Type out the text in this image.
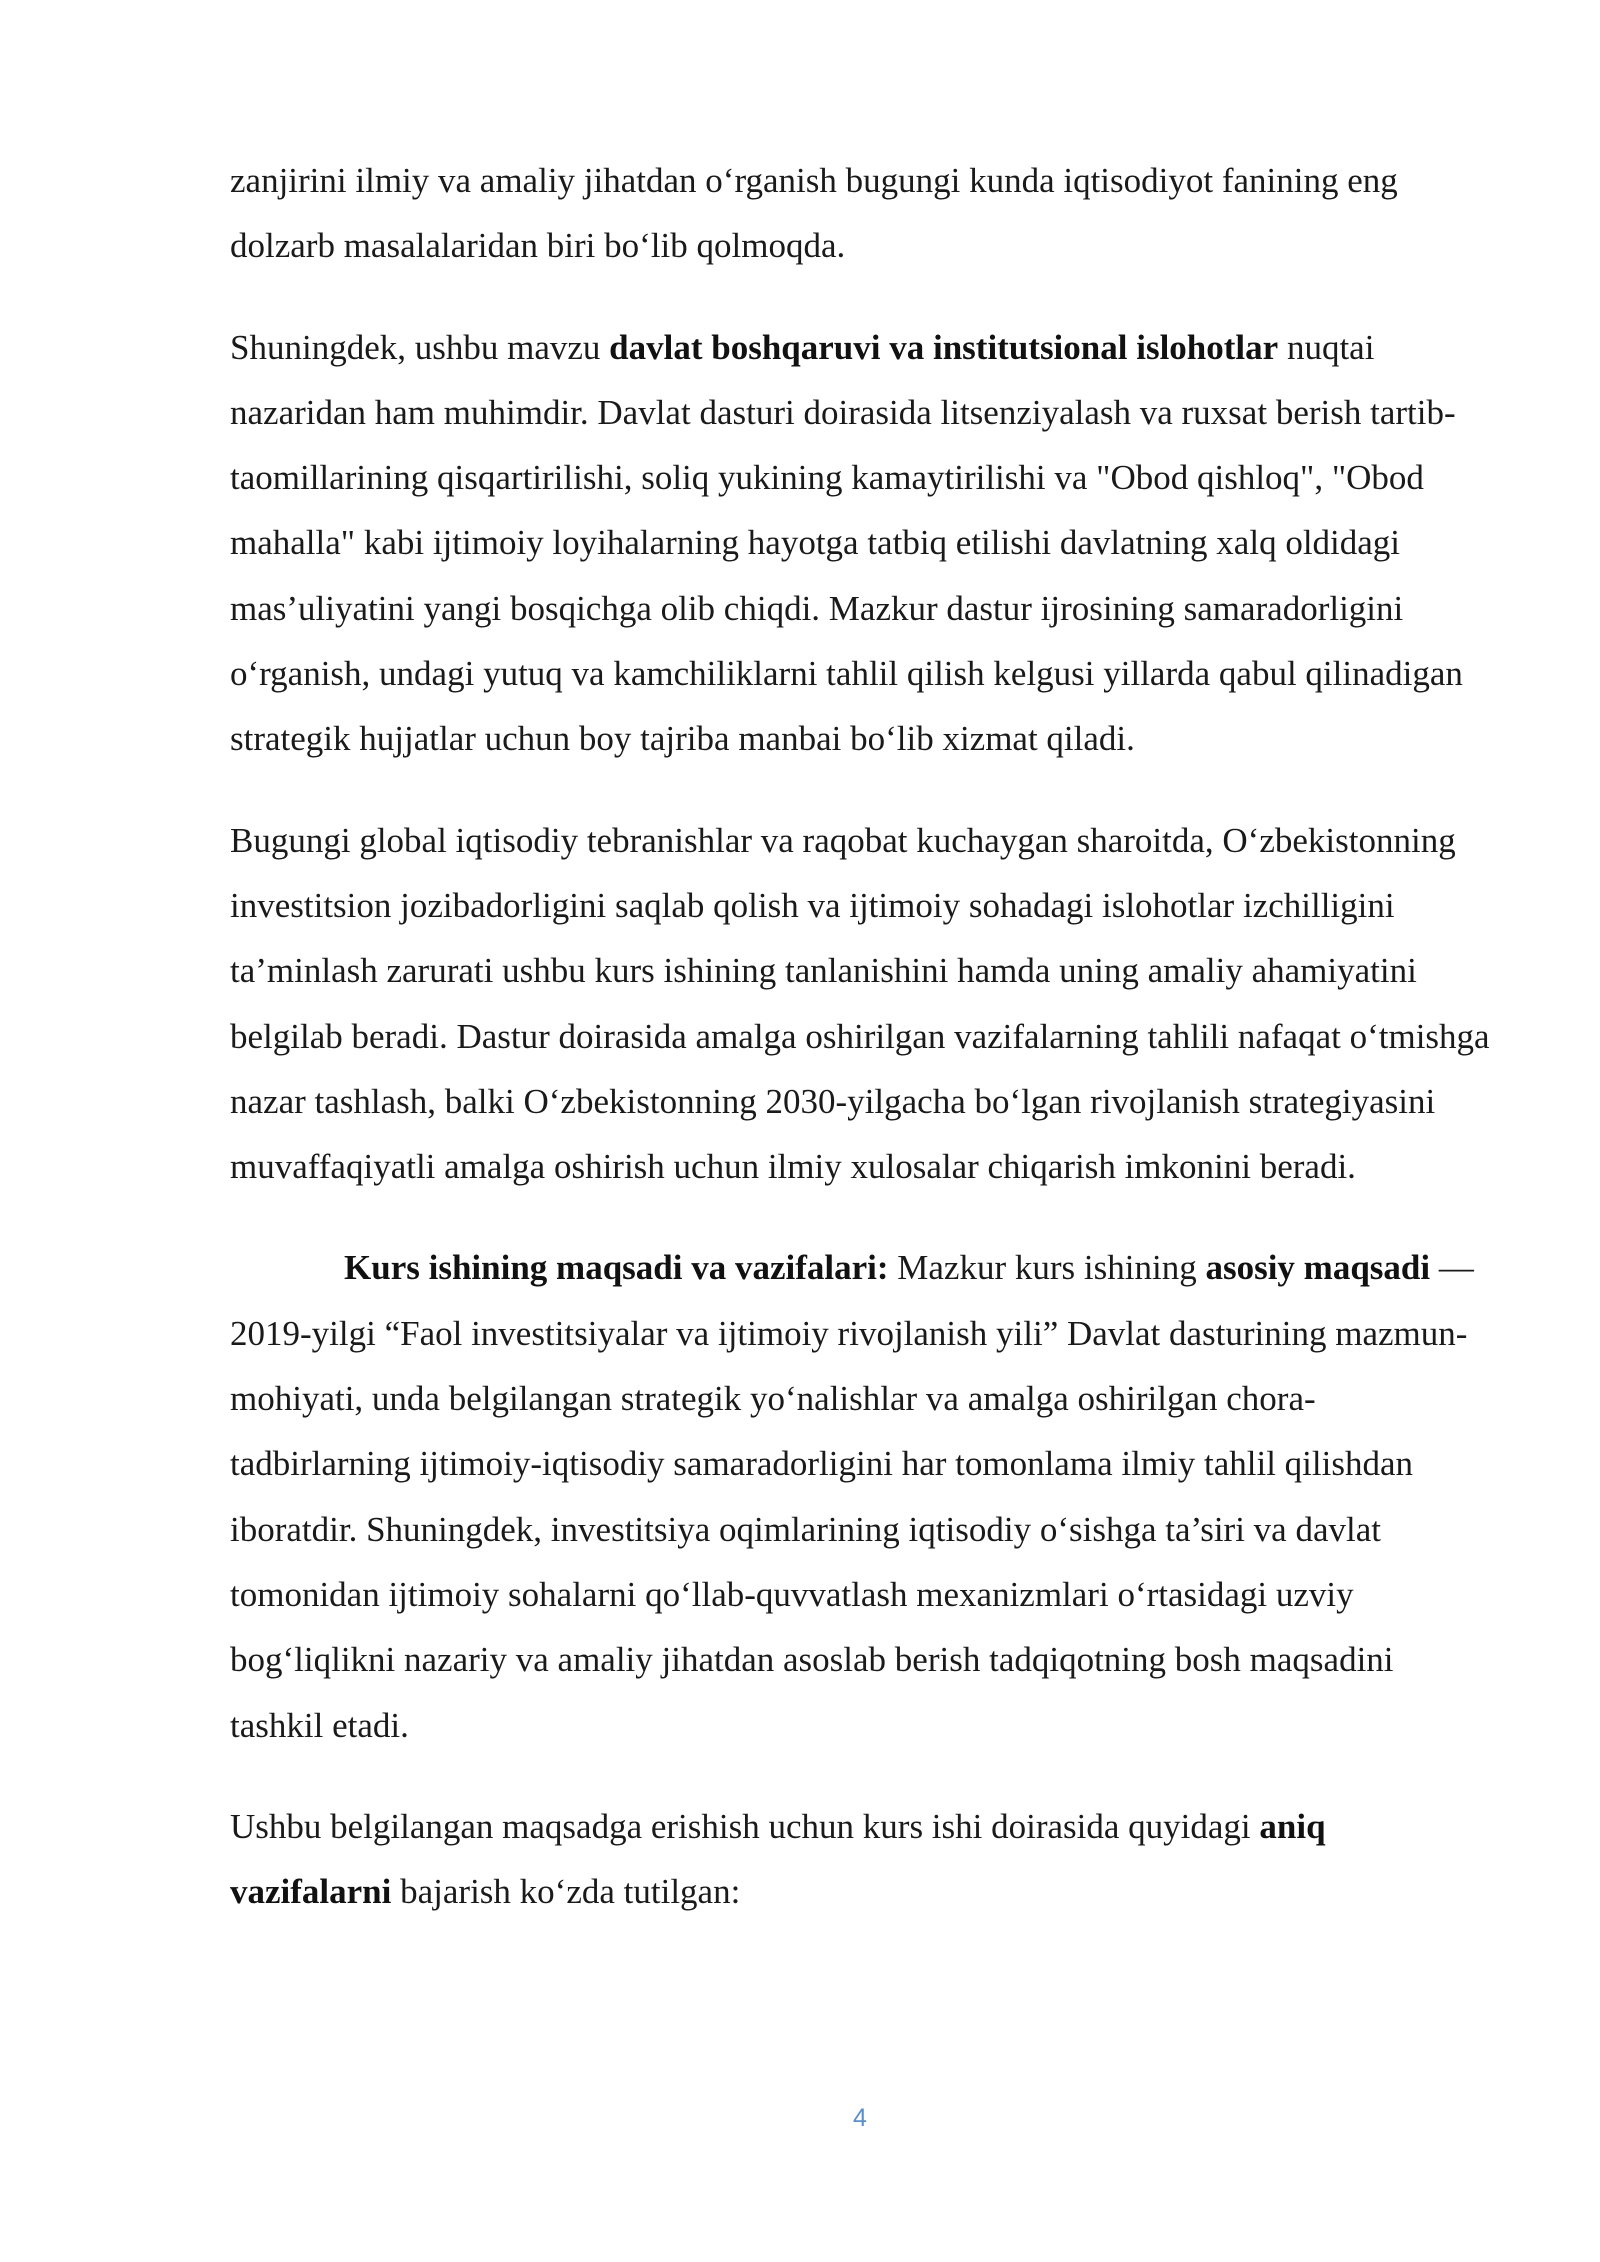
zanjirini ilmiy va amaliy jihatdan o‘rganish bugungi kunda iqtisodiyot fanining eng dolzarb masalalaridan biri bo‘lib qolmoqda.

Shuningdek, ushbu mavzu davlat boshqaruvi va institutsional islohotlar nuqtai nazaridan ham muhimdir. Davlat dasturi doirasida litsenziyalash va ruxsat berish tartib-taomillarining qisqartirilishi, soliq yukining kamaytirilishi va "Obod qishloq", "Obod mahalla" kabi ijtimoiy loyihalarning hayotga tatbiq etilishi davlatning xalq oldidagi mas’uliyatini yangi bosqichga olib chiqdi. Mazkur dastur ijrosining samaradorligini o‘rganish, undagi yutuq va kamchiliklarni tahlil qilish kelgusi yillarda qabul qilinadigan strategik hujjatlar uchun boy tajriba manbai bo‘lib xizmat qiladi.

Bugungi global iqtisodiy tebranishlar va raqobat kuchaygan sharoitda, O‘zbekistonning investitsion jozibadorligini saqlab qolish va ijtimoiy sohadagi islohotlar izchilligini ta’minlash zarurati ushbu kurs ishining tanlanishini hamda uning amaliy ahamiyatini belgilab beradi. Dastur doirasida amalga oshirilgan vazifalarning tahlili nafaqat o‘tmishga nazar tashlash, balki O‘zbekistonning 2030-yilgacha bo‘lgan rivojlanish strategiyasini muvaffaqiyatli amalga oshirish uchun ilmiy xulosalar chiqarish imkonini beradi.

Kurs ishining maqsadi va vazifalari: Mazkur kurs ishining asosiy maqsadi — 2019-yilgi “Faol investitsiyalar va ijtimoiy rivojlanish yili” Davlat dasturining mazmun-mohiyati, unda belgilangan strategik yo‘nalishlar va amalga oshirilgan chora-tadbirlarning ijtimoiy-iqtisodiy samaradorligini har tomonlama ilmiy tahlil qilishdan iboratdir. Shuningdek, investitsiya oqimlarining iqtisodiy o‘sishga ta’siri va davlat tomonidan ijtimoiy sohalarni qo‘llab-quvvatlash mexanizmlari o‘rtasidagi uzviy bog‘liqlikni nazariy va amaliy jihatdan asoslab berish tadqiqotning bosh maqsadini tashkil etadi.

Ushbu belgilangan maqsadga erishish uchun kurs ishi doirasida quyidagi aniq vazifalarni bajarish ko‘zda tutilgan:

4
